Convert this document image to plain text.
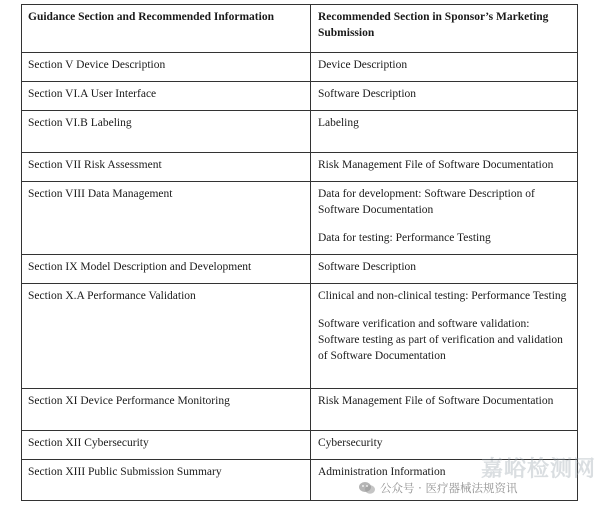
Guidance Section and Recommended Information	Recommended Section in Sponsor’s Marketing Submission
Section V Device Description	Device Description
Section VI.A User Interface	Software Description
Section VI.B Labeling	Labeling
Section VII Risk Assessment	Risk Management File of Software Documentation
Section VIII Data Management	Data for development: Software Description of Software Documentation
Data for testing: Performance Testing
Section IX Model Description and Development	Software Description
Section X.A Performance Validation	Clinical and non-clinical testing: Performance Testing
Software verification and software validation: Software testing as part of verification and validation of Software Documentation
Section XI Device Performance Monitoring	Risk Management File of Software Documentation
Section XII Cybersecurity	Cybersecurity
Section XIII Public Submission Summary	Administration Information	嘉峪检测网
公众号 · 医疗器械法规资讯
